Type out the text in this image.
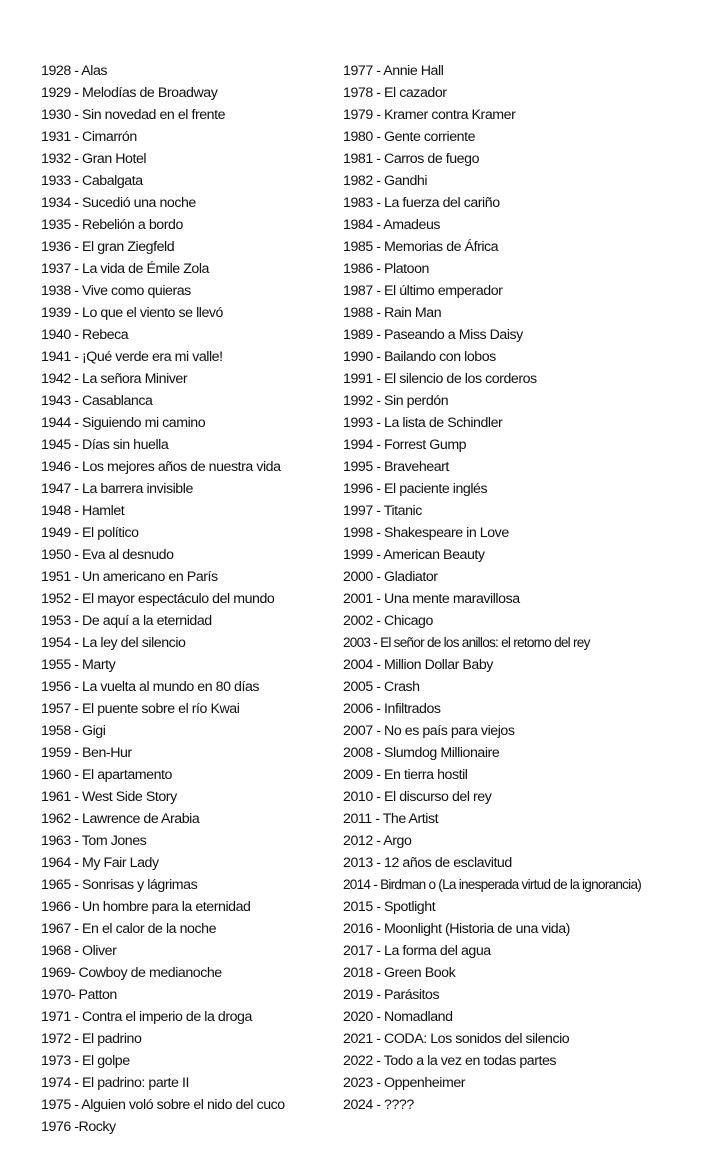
1928 - Alas
1929 - Melodías de Broadway
1930 - Sin novedad en el frente
1931 - Cimarrón
1932 - Gran Hotel
1933 - Cabalgata
1934 - Sucedió una noche
1935 - Rebelión a bordo
1936 - El gran Ziegfeld
1937 - La vida de Émile Zola
1938 - Vive como quieras
1939 - Lo que el viento se llevó
1940 - Rebeca
1941 - ¡Qué verde era mi valle!
1942 - La señora Miniver
1943 - Casablanca
1944 - Siguiendo mi camino
1945 - Días sin huella
1946 - Los mejores años de nuestra vida
1947 - La barrera invisible
1948 - Hamlet
1949 - El político
1950 - Eva al desnudo
1951 - Un americano en París
1952 - El mayor espectáculo del mundo
1953 - De aquí a la eternidad
1954 - La ley del silencio
1955 - Marty
1956 - La vuelta al mundo en 80 días
1957 - El puente sobre el río Kwai
1958 - Gigi
1959 - Ben-Hur
1960 - El apartamento
1961 - West Side Story
1962 - Lawrence de Arabia
1963 - Tom Jones
1964 - My Fair Lady
1965 - Sonrisas y lágrimas
1966 - Un hombre para la eternidad
1967 - En el calor de la noche
1968 - Oliver
1969- Cowboy de medianoche
1970- Patton
1971 - Contra el imperio de la droga
1972 - El padrino
1973 - El golpe
1974 - El padrino: parte II
1975 - Alguien voló sobre el nido del cuco
1976 -Rocky
1977 - Annie Hall
1978 - El cazador
1979 - Kramer contra Kramer
1980 - Gente corriente
1981 - Carros de fuego
1982 - Gandhi
1983 - La fuerza del cariño
1984 - Amadeus
1985 - Memorias de África
1986 - Platoon
1987 - El último emperador
1988 - Rain Man
1989 - Paseando a Miss Daisy
1990 - Bailando con lobos
1991 - El silencio de los corderos
1992 - Sin perdón
1993 - La lista de Schindler
1994 - Forrest Gump
1995 - Braveheart
1996 - El paciente inglés
1997 - Titanic
1998 - Shakespeare in Love
1999 - American Beauty
2000 - Gladiator
2001 - Una mente maravillosa
2002 - Chicago
2003 - El señor de los anillos: el retorno del rey
2004 - Million Dollar Baby
2005 - Crash
2006 - Infiltrados
2007 - No es país para viejos
2008 - Slumdog Millionaire
2009 - En tierra hostil
2010 - El discurso del rey
2011 - The Artist
2012 - Argo
2013 - 12 años de esclavitud
2014 - Birdman o (La inesperada virtud de la ignorancia)
2015 - Spotlight
2016 - Moonlight (Historia de una vida)
2017 - La forma del agua
2018 - Green Book
2019 - Parásitos
2020 - Nomadland
2021 - CODA: Los sonidos del silencio
2022 - Todo a la vez en todas partes
2023 - Oppenheimer
2024 - ????
